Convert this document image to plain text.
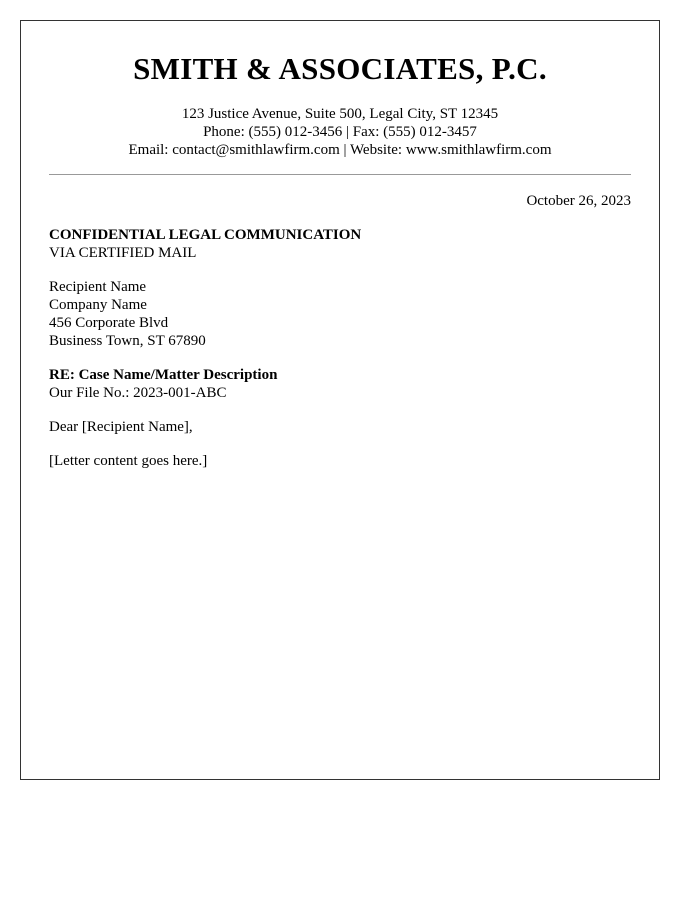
SMITH & ASSOCIATES, P.C.
123 Justice Avenue, Suite 500, Legal City, ST 12345
Phone: (555) 012-3456 | Fax: (555) 012-3457
Email: contact@smithlawfirm.com | Website: www.smithlawfirm.com
October 26, 2023
CONFIDENTIAL LEGAL COMMUNICATION
VIA CERTIFIED MAIL
Recipient Name
Company Name
456 Corporate Blvd
Business Town, ST 67890
RE: Case Name/Matter Description
Our File No.: 2023-001-ABC
Dear [Recipient Name],
[Letter content goes here.]
